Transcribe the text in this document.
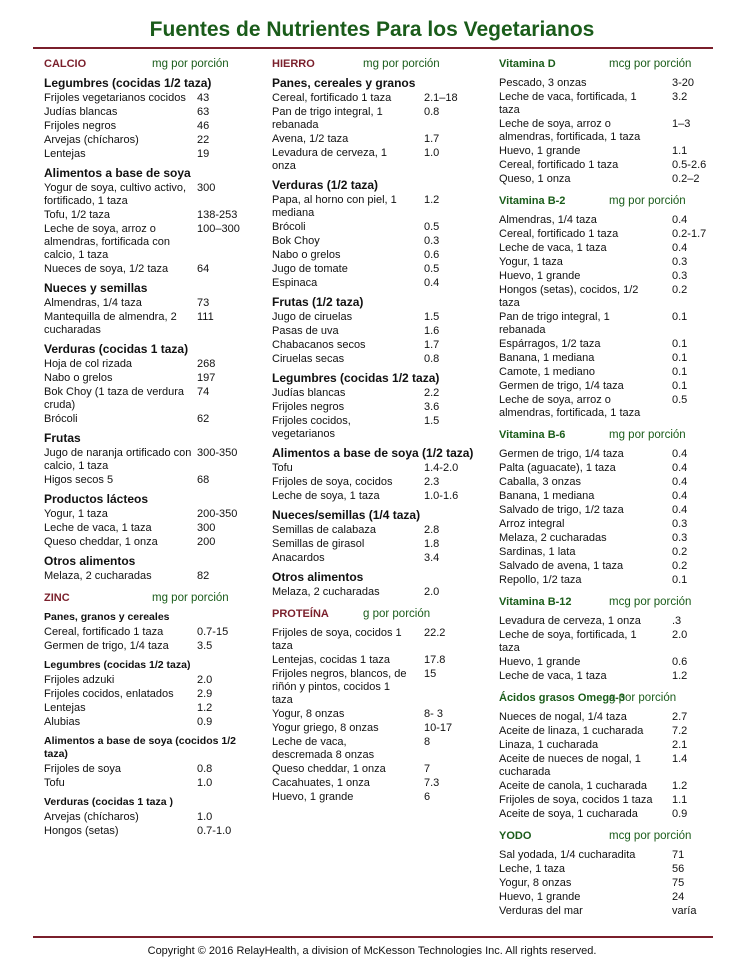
Fuentes de Nutrientes Para los Vegetarianos
CALCIO	mg por porción
Legumbres (cocidas 1/2 taza)
Frijoles vegetarianos cocidos	43
Judías blancas	63
Frijoles negros	46
Arvejas (chícharos)	22
Lentejas	19
Alimentos a base de soya
Yogur de soya, cultivo activo, fortificado, 1 taza
300
Tofu, 1/2 taza	138-253
Leche de soya, arroz o almendras, fortificada con calcio, 1 taza
100–300
Nueces de soya, 1/2 taza	64
Nueces y semillas
Almendras, 1/4 taza	73
Mantequilla de almendra, 2 cucharadas
111
Verduras (cocidas 1 taza)
Hoja de col rizada	268
Nabo o grelos	197
Bok Choy (1 taza de verdura cruda)
74
Brócoli	62
Frutas
Jugo de naranja ortificado con calcio, 1 taza
300-350
Higos secos 5	68
Productos lácteos
Yogur, 1 taza	200-350
Leche de vaca, 1 taza	300
Queso cheddar, 1 onza	200
Otros alimentos
Melaza, 2 cucharadas	82
ZINC	mg por porción
Panes, granos y cereales
Cereal, fortificado 1 taza	0.7-15
Germen de trigo, 1/4 taza	3.5
Legumbres (cocidas 1/2 taza)
Frijoles adzuki	2.0
Frijoles cocidos, enlatados	2.9
Lentejas	1.2
Alubias	0.9
Alimentos a base de soya (cocidos 1/2 taza)
Frijoles de soya	0.8
Tofu	1.0
Verduras (cocidas 1 taza )
Arvejas (chícharos)	1.0
Hongos (setas)	0.7-1.0
HIERRO	mg por porción
Panes, cereales y granos
Cereal, fortificado 1 taza	2.1–18
Pan de trigo integral, 1 rebanada
0.8
Avena, 1/2 taza	1.7
Levadura de cerveza, 1 onza
1.0
Verduras (1/2 taza)
Papa, al horno con piel, 1 mediana
1.2
Brócoli	0.5
Bok Choy	0.3
Nabo o grelos	0.6
Jugo de tomate	0.5
Espinaca	0.4
Frutas (1/2 taza)
Jugo de ciruelas	1.5
Pasas de uva	1.6
Chabacanos secos	1.7
Ciruelas secas	0.8
Legumbres (cocidas 1/2 taza)
Judías blancas	2.2
Frijoles negros	3.6
Frijoles cocidos, vegetarianos
1.5
Alimentos a base de soya (1/2 taza)
Tofu	1.4-2.0
Frijoles de soya, cocidos	2.3
Leche de soya, 1 taza	1.0-1.6
Nueces/semillas (1/4 taza)
Semillas de calabaza	2.8
Semillas de girasol	1.8
Anacardos	3.4
Otros alimentos
Melaza, 2 cucharadas	2.0
PROTEÍNA	g por porción
Frijoles de soya, cocidos 1 taza
22.2
Lentejas, cocidas 1 taza	17.8
Frijoles negros, blancos, de riñón y pintos, cocidos 1 taza
15
Yogur, 8 onzas	8- 3
Yogur griego, 8 onzas	10-17
Leche de vaca, descremada 8 onzas
8
Queso cheddar, 1 onza	7
Cacahuates, 1 onza	7.3
Huevo, 1 grande	6
Vitamina D	mcg por porción
Pescado, 3 onzas	3-20
Leche de vaca, fortificada, 1 taza
3.2
Leche de soya, arroz o almendras, fortificada, 1 taza
1–3
Huevo, 1 grande	1.1
Cereal, fortificado 1 taza	0.5-2.6
Queso, 1 onza	0.2–2
Vitamina B-2	mg por porción
Almendras, 1/4 taza	0.4
Cereal, fortificado 1 taza	0.2-1.7
Leche de vaca, 1 taza	0.4
Yogur, 1 taza	0.3
Huevo, 1 grande	0.3
Hongos (setas), cocidos, 1/2 taza
0.2
Pan de trigo integral, 1 rebanada
0.1
Espárragos, 1/2 taza	0.1
Banana, 1 mediana	0.1
Camote, 1 mediano	0.1
Germen de trigo, 1/4 taza	0.1
Leche de soya, arroz o almendras, fortificada, 1 taza
0.5
Vitamina B-6	mg por porción
Germen de trigo, 1/4 taza	0.4
Palta (aguacate), 1 taza	0.4
Caballa, 3 onzas	0.4
Banana, 1 mediana	0.4
Salvado de trigo, 1/2 taza	0.4
Arroz integral	0.3
Melaza, 2 cucharadas	0.3
Sardinas, 1 lata	0.2
Salvado de avena, 1 taza	0.2
Repollo, 1/2 taza	0.1
Vitamina B-12	mcg por porción
Levadura de cerveza, 1 onza	.3
Leche de soya, fortificada, 1 taza
2.0
Huevo, 1 grande	0.6
Leche de vaca, 1 taza	1.2
Ácidos grasos Omega-3
g por porción
Nueces de nogal, 1/4 taza	2.7
Aceite de linaza, 1 cucharada	7.2
Linaza, 1 cucharada	2.1
Aceite de nueces de nogal, 1 cucharada
1.4
Aceite de canola, 1 cucharada	1.2
Frijoles de soya, cocidos 1 taza	1.1
Aceite de soya, 1 cucharada	0.9
YODO	mcg por porción
Sal yodada, 1/4 cucharadita	71
Leche, 1 taza	56
Yogur, 8 onzas	75
Huevo, 1 grande	24
Verduras del mar	varía
Copyright © 2016 RelayHealth, a division of McKesson Technologies Inc. All rights reserved.
